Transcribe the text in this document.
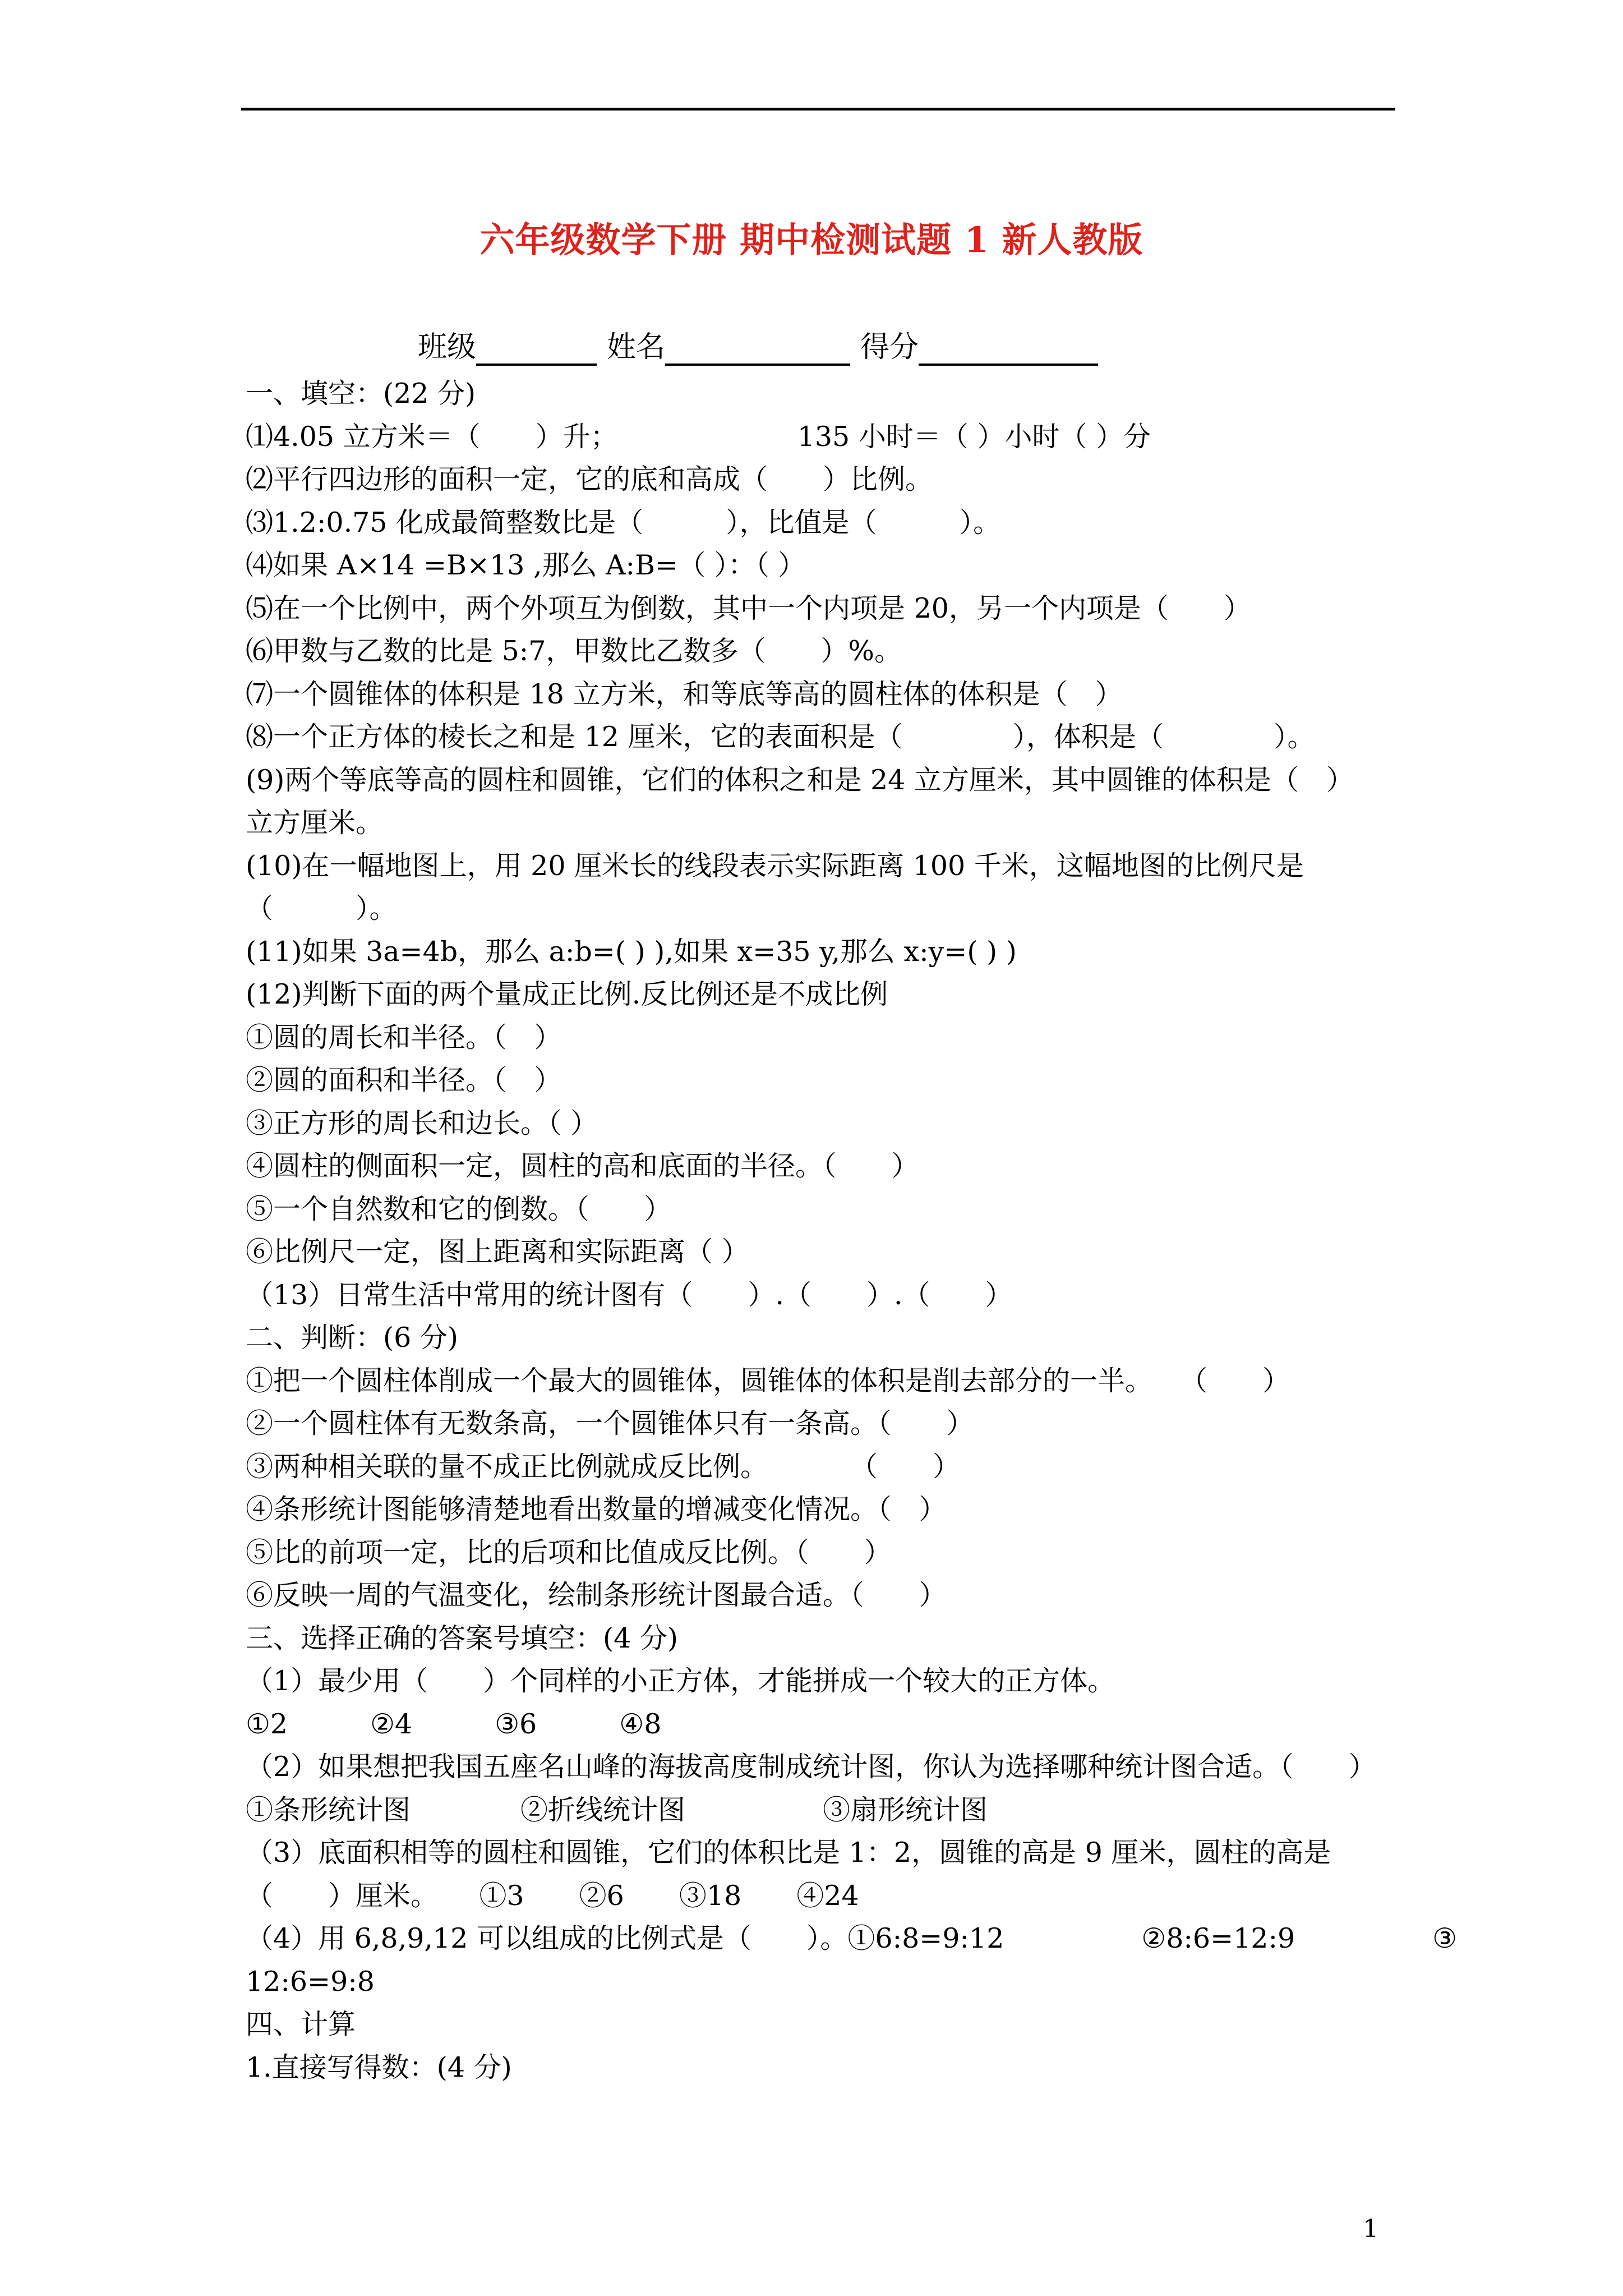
六年级数学下册 期中检测试题 1 新人教版
班级	姓名	得分
一、填空：(22 分)
⑴4.05 立方米＝（　　）升；	135 小时＝（ ）小时（ ）分
⑵平行四边形的面积一定，它的底和高成（　　）比例。
⑶1.2:0.75 化成最简整数比是（　　　），比值是（　　　）。
⑷如果 A×14 =B×13 ,那么 A:B=（ ）：（ ）
⑸在一个比例中，两个外项互为倒数，其中一个内项是 20，另一个内项是（　　）
⑹甲数与乙数的比是 5:7，甲数比乙数多（　　）%。
⑺一个圆锥体的体积是 18 立方米，和等底等高的圆柱体的体积是（　）
⑻一个正方体的棱长之和是 12 厘米，它的表面积是（　　　　），体积是（　　　　）。
(9)两个等底等高的圆柱和圆锥，它们的体积之和是 24 立方厘米，其中圆锥的体积是（　）
立方厘米。
(10)在一幅地图上，用 20 厘米长的线段表示实际距离 100 千米，这幅地图的比例尺是
（　　　）。
(11)如果 3a=4b，那么 a:b=( ) ),如果 x=35 y,那么 x:y=( ) )
(12)判断下面的两个量成正比例.反比例还是不成比例
①圆的周长和半径。（　）
②圆的面积和半径。（　）
③正方形的周长和边长。（ ）
④圆柱的侧面积一定，圆柱的高和底面的半径。（　　）
⑤一个自然数和它的倒数。（　　）
⑥比例尺一定，图上距离和实际距离（ ）
（13）日常生活中常用的统计图有（　　）.（　　）.（　　）
二、判断：(6 分)
①把一个圆柱体削成一个最大的圆锥体，圆锥体的体积是削去部分的一半。　　（　　）
②一个圆柱体有无数条高，一个圆锥体只有一条高。（　　）
③两种相关联的量不成正比例就成反比例。　　　　（　　）
④条形统计图能够清楚地看出数量的增减变化情况。（　）
⑤比的前项一定，比的后项和比值成反比例。（　　）
⑥反映一周的气温变化，绘制条形统计图最合适。（　　）
三、选择正确的答案号填空：(4 分)
（1）最少用（　　）个同样的小正方体，才能拼成一个较大的正方体。
①2　　　②4　　　③6　　　④8
（2）如果想把我国五座名山峰的海拔高度制成统计图，你认为选择哪种统计图合适。（　　）
①条形统计图　　　　②折线统计图　　　　　③扇形统计图
（3）底面积相等的圆柱和圆锥，它们的体积比是 1：2，圆锥的高是 9 厘米，圆柱的高是
（　　）厘米。　　①3　　②6　　③18　　④24
（4）用 6,8,9,12 可以组成的比例式是（　　）。①6:8=9:12	②8:6=12:9	③
12:6=9:8
四、计算
1.直接写得数：(4 分)
1
